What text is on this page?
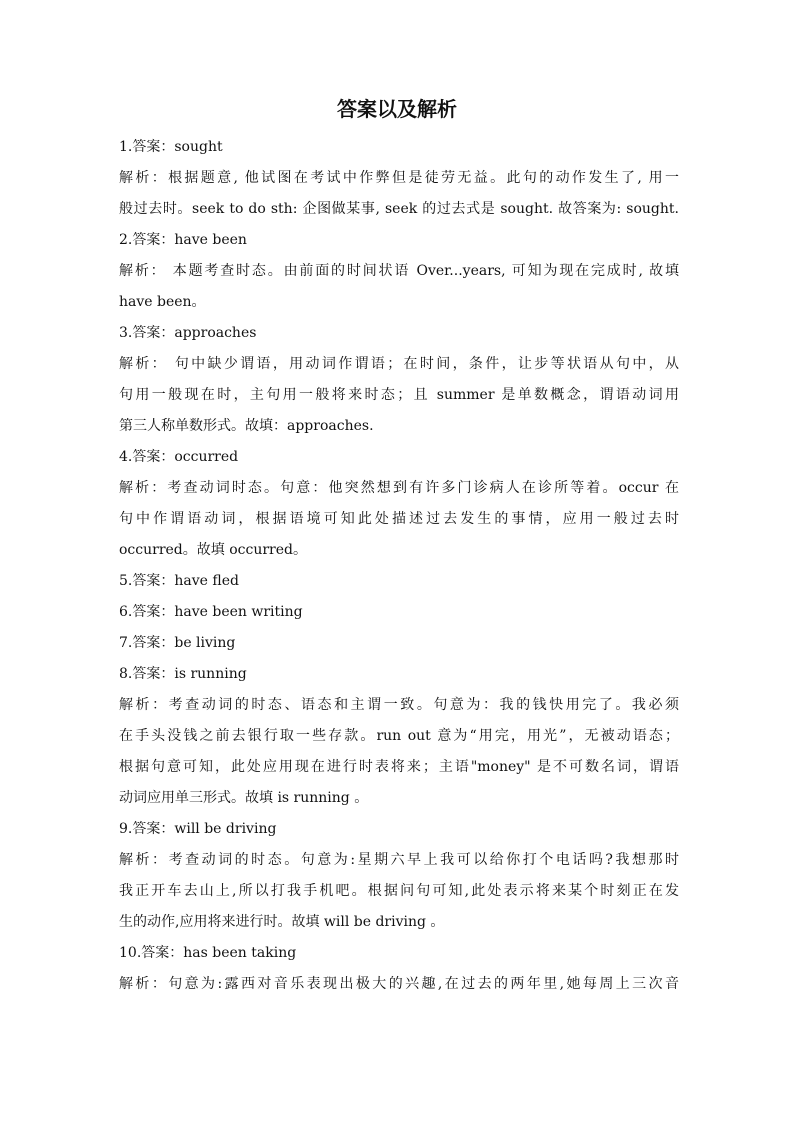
答案以及解析

1.答案：sought

解析：根据题意, 他试图在考试中作弊但是徒劳无益。此句的动作发生了, 用一

般过去时。seek to do sth: 企图做某事, seek 的过去式是 sought. 故答案为: sought.

2.答案：have been

解析： 本题考查时态。由前面的时间状语 Over...years, 可知为现在完成时, 故填

have been。

3.答案：approaches

解析： 句中缺少谓语，用动词作谓语；在时间，条件，让步等状语从句中，从

句用一般现在时，主句用一般将来时态；且 summer 是单数概念，谓语动词用

第三人称单数形式。故填：approaches.

4.答案：occurred

解析：考查动词时态。句意：他突然想到有许多门诊病人在诊所等着。occur 在

句中作谓语动词，根据语境可知此处描述过去发生的事情，应用一般过去时

occurred。故填 occurred。

5.答案：have fled

6.答案：have been writing

7.答案：be living

8.答案：is running

解析：考查动词的时态、语态和主谓一致。句意为：我的钱快用完了。我必须

在手头没钱之前去银行取一些存款。run out 意为“用完，用光”，无被动语态；

根据句意可知，此处应用现在进行时表将来；主语"money" 是不可数名词，谓语

动词应用单三形式。故填 is running 。

9.答案：will be driving

解析：考查动词的时态。句意为:星期六早上我可以给你打个电话吗?我想那时

我正开车去山上,所以打我手机吧。根据问句可知,此处表示将来某个时刻正在发

生的动作,应用将来进行时。故填 will be driving 。

10.答案：has been taking

解析：句意为:露西对音乐表现出极大的兴趣,在过去的两年里,她每周上三次音
